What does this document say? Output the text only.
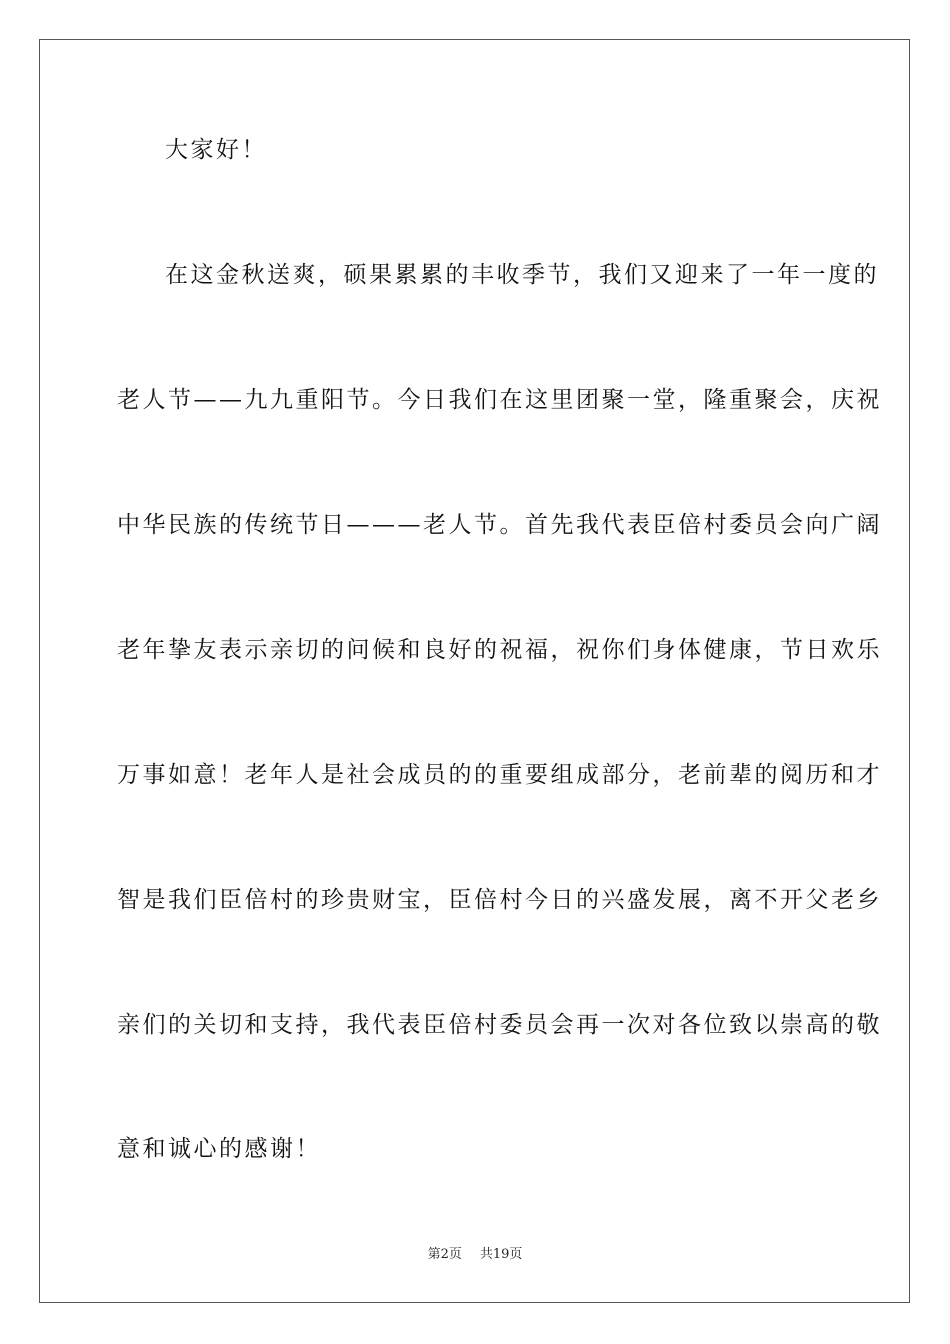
大家好！
在这金秋送爽，硕果累累的丰收季节，我们又迎来了一年一度的
老人节——九九重阳节。今日我们在这里团聚一堂，隆重聚会，庆祝
中华民族的传统节日———老人节。首先我代表臣倍村委员会向广阔
老年挚友表示亲切的问候和良好的祝福，祝你们身体健康，节日欢乐
万事如意！老年人是社会成员的的重要组成部分，老前辈的阅历和才
智是我们臣倍村的珍贵财宝，臣倍村今日的兴盛发展，离不开父老乡
亲们的关切和支持，我代表臣倍村委员会再一次对各位致以崇高的敬
意和诚心的感谢！
第2页 共19页
